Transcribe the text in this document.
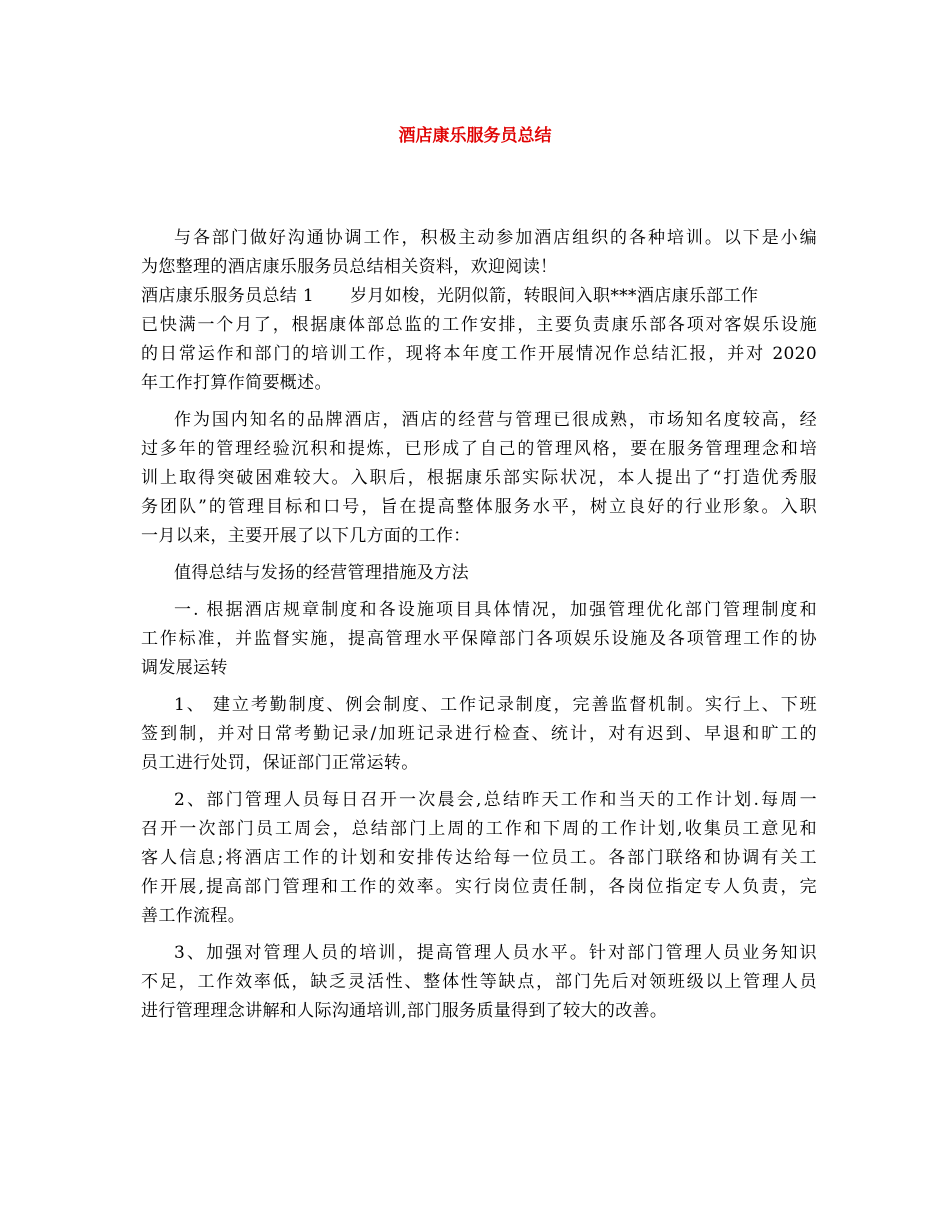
酒店康乐服务员总结
与各部门做好沟通协调工作，积极主动参加酒店组织的各种培训。以下是小编
为您整理的酒店康乐服务员总结相关资料，欢迎阅读！
酒店康乐服务员总结 1 岁月如梭，光阴似箭，转眼间入职***酒店康乐部工作
已快满一个月了，根据康体部总监的工作安排，主要负责康乐部各项对客娱乐设施
的日常运作和部门的培训工作，现将本年度工作开展情况作总结汇报，并对 2020
年工作打算作简要概述。
作为国内知名的品牌酒店，酒店的经营与管理已很成熟，市场知名度较高，经
过多年的管理经验沉积和提炼，已形成了自己的管理风格，要在服务管理理念和培
训上取得突破困难较大。入职后，根据康乐部实际状况，本人提出了“打造优秀服
务团队”的管理目标和口号，旨在提高整体服务水平，树立良好的行业形象。入职
一月以来，主要开展了以下几方面的工作：
值得总结与发扬的经营管理措施及方法
一. 根据酒店规章制度和各设施项目具体情况，加强管理优化部门管理制度和
工作标准，并监督实施，提高管理水平保障部门各项娱乐设施及各项管理工作的协
调发展运转
1、 建立考勤制度、例会制度、工作记录制度，完善监督机制。实行上、下班
签到制，并对日常考勤记录/加班记录进行检查、统计，对有迟到、早退和旷工的
员工进行处罚，保证部门正常运转。
2、部门管理人员每日召开一次晨会,总结昨天工作和当天的工作计划.每周一
召开一次部门员工周会，总结部门上周的工作和下周的工作计划,收集员工意见和
客人信息;将酒店工作的计划和安排传达给每一位员工。各部门联络和协调有关工
作开展,提高部门管理和工作的效率。实行岗位责任制，各岗位指定专人负责，完
善工作流程。
3、加强对管理人员的培训，提高管理人员水平。针对部门管理人员业务知识
不足，工作效率低，缺乏灵活性、整体性等缺点，部门先后对领班级以上管理人员
进行管理理念讲解和人际沟通培训,部门服务质量得到了较大的改善。
